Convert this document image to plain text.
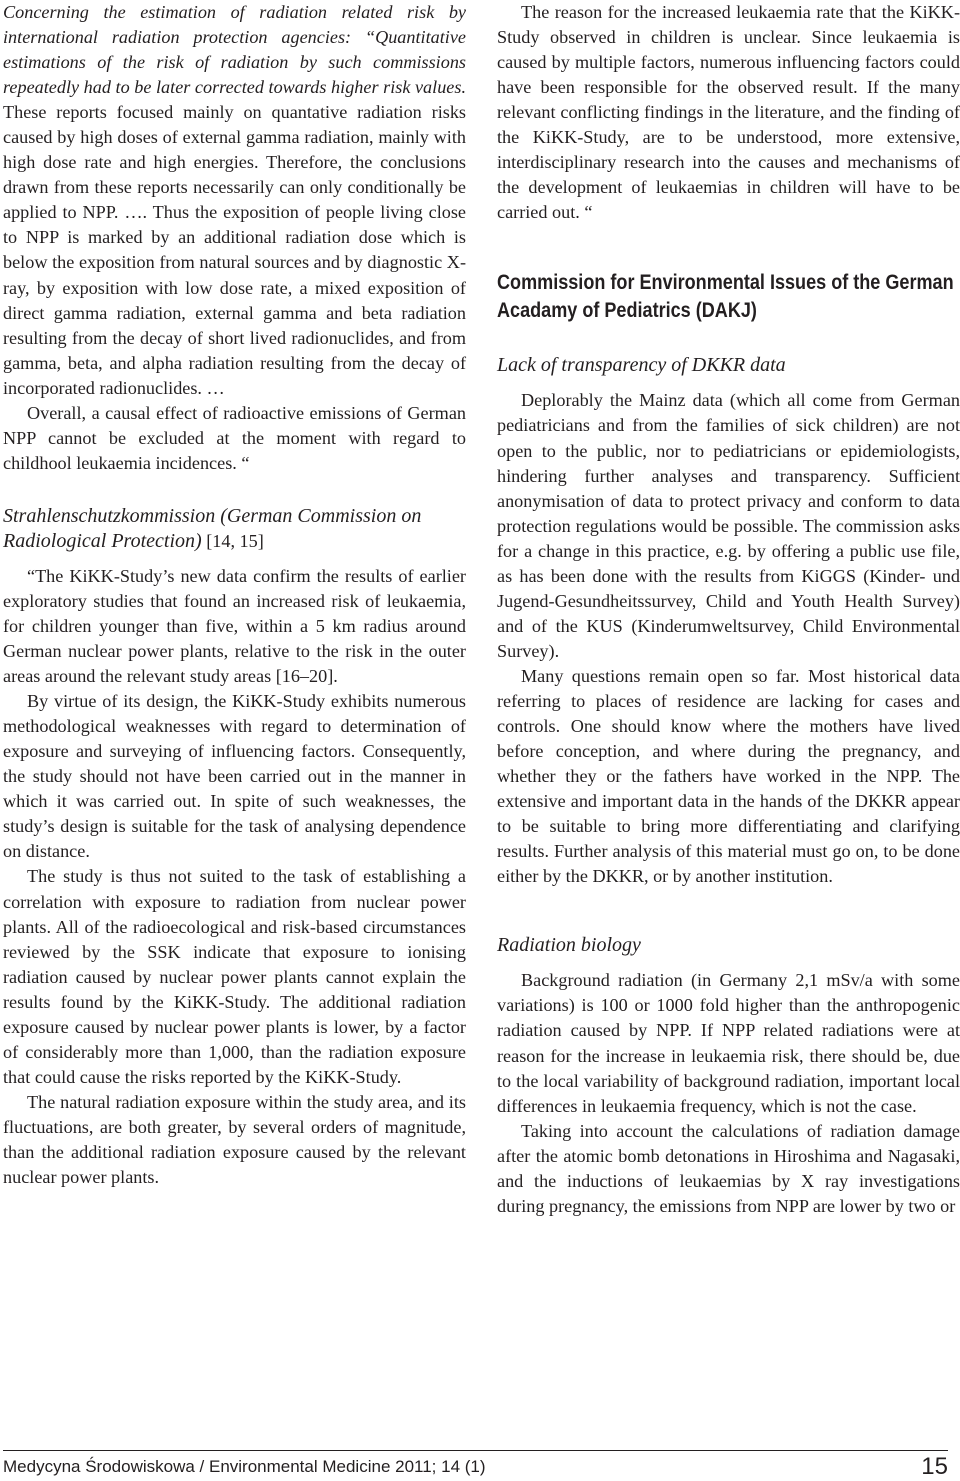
Concerning the estimation of radiation related risk by international radiation protection agencies: “Quantitative estimations of the risk of radiation by such commissions repeatedly had to be later corrected towards higher risk values. These reports focused mainly on quantative radiation risks caused by high doses of external gamma radiation, mainly with high dose rate and high energies. Therefore, the conclusions drawn from these reports necessarily can only conditionally be applied to NPP. …. Thus the exposition of people living close to NPP is marked by an additional radiation dose which is below the exposition from natural sources and by diagnostic X-ray, by exposition with low dose rate, a mixed exposition of direct gamma radiation, external gamma and beta radiation resulting from the decay of short lived radionuclides, and from gamma, beta, and alpha radiation resulting from the decay of incorporated radionuclides. …

Overall, a causal effect of radioactive emissions of German NPP cannot be excluded at the moment with regard to childhool leukaemia incidences. “

Strahlenschutzkommission (German Commission on Radiological Protection) [14, 15]

“The KiKK-Study’s new data confirm the results of earlier exploratory studies that found an increased risk of leukaemia, for children younger than five, within a 5 km radius around German nuclear power plants, relative to the risk in the outer areas around the relevant study areas [16–20].

By virtue of its design, the KiKK-Study exhibits numerous methodological weaknesses with regard to determination of exposure and surveying of influencing factors. Consequently, the study should not have been carried out in the manner in which it was carried out. In spite of such weaknesses, the study’s design is suitable for the task of analysing dependence on distance.

The study is thus not suited to the task of establishing a correlation with exposure to radiation from nuclear power plants. All of the radioecological and risk-based circumstances reviewed by the SSK indicate that exposure to ionising radiation caused by nuclear power plants cannot explain the results found by the KiKK-Study. The additional radiation exposure caused by nuclear power plants is lower, by a factor of considerably more than 1,000, than the radiation exposure that could cause the risks reported by the KiKK-Study.

The natural radiation exposure within the study area, and its fluctuations, are both greater, by several orders of magnitude, than the additional radiation exposure caused by the relevant nuclear power plants.

The reason for the increased leukaemia rate that the KiKK-Study observed in children is unclear. Since leukaemia is caused by multiple factors, numerous influencing factors could have been responsible for the observed result. If the many relevant conflicting findings in the literature, and the finding of the KiKK-Study, are to be understood, more extensive, interdisciplinary research into the causes and mechanisms of the development of leukaemias in children will have to be carried out. “

Commission for Environmental Issues of the German Acadamy of Pediatrics (DAKJ)

Lack of transparency of DKKR data

Deplorably the Mainz data (which all come from German pediatricians and from the families of sick children) are not open to the public, nor to pediatricians or epidemiologists, hindering further analyses and transparency. Sufficient anonymisation of data to protect privacy and conform to data protection regulations would be possible. The commission asks for a change in this practice, e.g. by offering a public use file, as has been done with the results from KiGGS (Kinder- und Jugend-Gesundheitssurvey, Child and Youth Health Survey) and of the KUS (Kinderumweltsurvey, Child Environmental Survey).

Many questions remain open so far. Most historical data referring to places of residence are lacking for cases and controls. One should know where the mothers have lived before conception, and where during the pregnancy, and whether they or the fathers have worked in the NPP. The extensive and important data in the hands of the DKKR appear to be suitable to bring more differentiating and clarifying results. Further analysis of this material must go on, to be done either by the DKKR, or by another institution.

Radiation biology

Background radiation (in Germany 2,1 mSv/a with some variations) is 100 or 1000 fold higher than the anthropogenic radiation caused by NPP. If NPP related radiations were at reason for the increase in leukaemia risk, there should be, due to the local variability of background radiation, important local differences in leukaemia frequency, which is not the case.

Taking into account the calculations of radiation damage after the atomic bomb detonations in Hiroshima and Nagasaki, and the inductions of leukaemias by X ray investigations during pregnancy, the emissions from NPP are lower by two or

Medycyna Środowiskowa / Environmental Medicine 2011; 14 (1)	15
